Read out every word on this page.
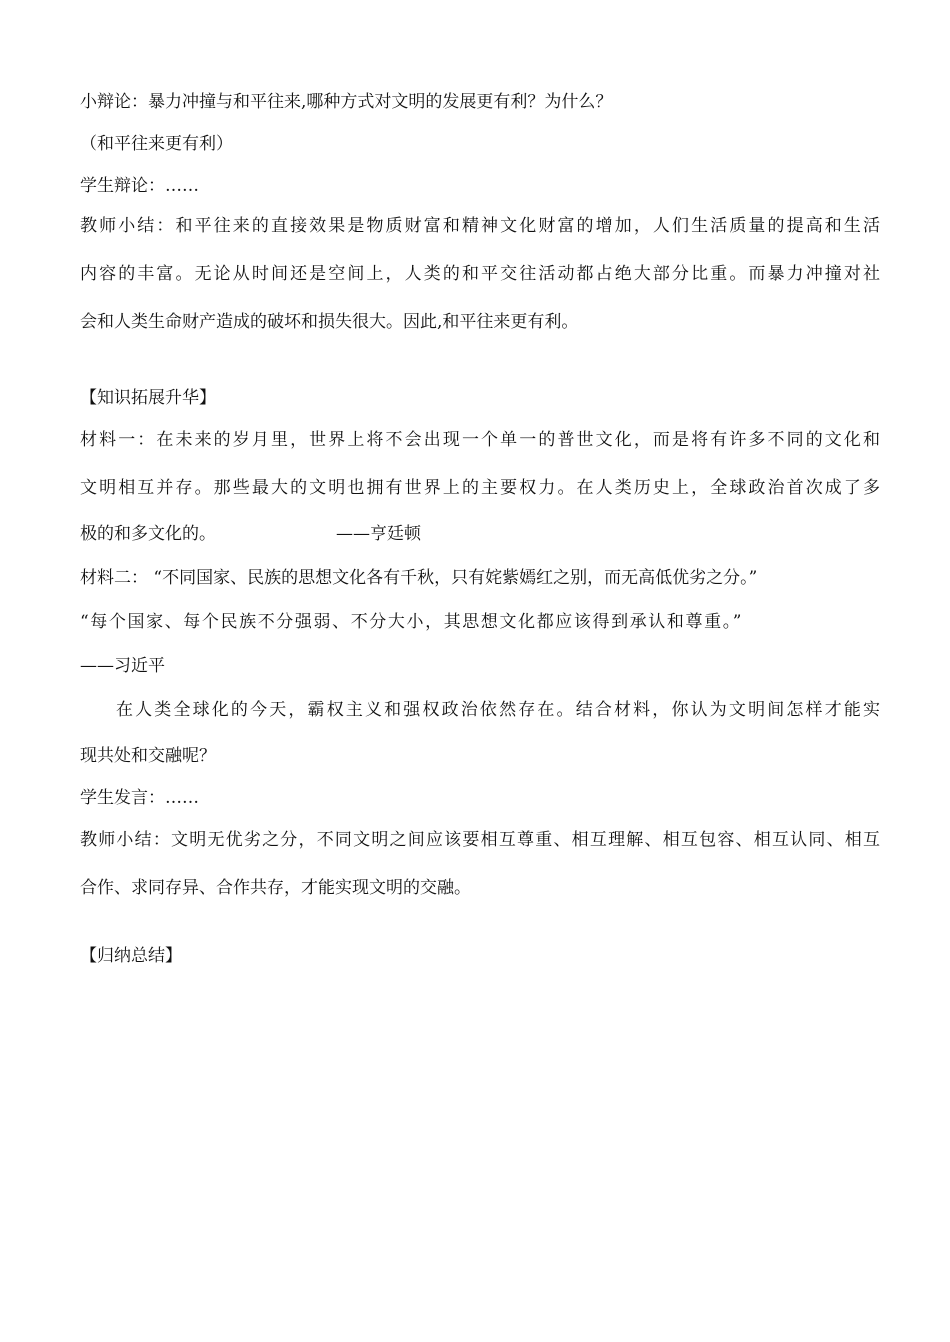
小辩论：暴力冲撞与和平往来,哪种方式对文明的发展更有利？为什么？
（和平往来更有利）
学生辩论：……
教师小结：和平往来的直接效果是物质财富和精神文化财富的增加，人们生活质量的提高和生活
内容的丰富。无论从时间还是空间上，人类的和平交往活动都占绝大部分比重。而暴力冲撞对社
会和人类生命财产造成的破坏和损失很大。因此,和平往来更有利。
【知识拓展升华】
材料一：在未来的岁月里，世界上将不会出现一个单一的普世文化，而是将有许多不同的文化和
文明相互并存。那些最大的文明也拥有世界上的主要权力。在人类历史上，全球政治首次成了多
极的和多文化的。	——亨廷顿
材料二： “不同国家、民族的思想文化各有千秋，只有姹紫嫣红之别，而无高低优劣之分。”
“每个国家、每个民族不分强弱、不分大小，其思想文化都应该得到承认和尊重。”
——习近平
在人类全球化的今天，霸权主义和强权政治依然存在。结合材料，你认为文明间怎样才能实
现共处和交融呢？
学生发言：……
教师小结：文明无优劣之分，不同文明之间应该要相互尊重、相互理解、相互包容、相互认同、相互
合作、求同存异、合作共存，才能实现文明的交融。
【归纳总结】
